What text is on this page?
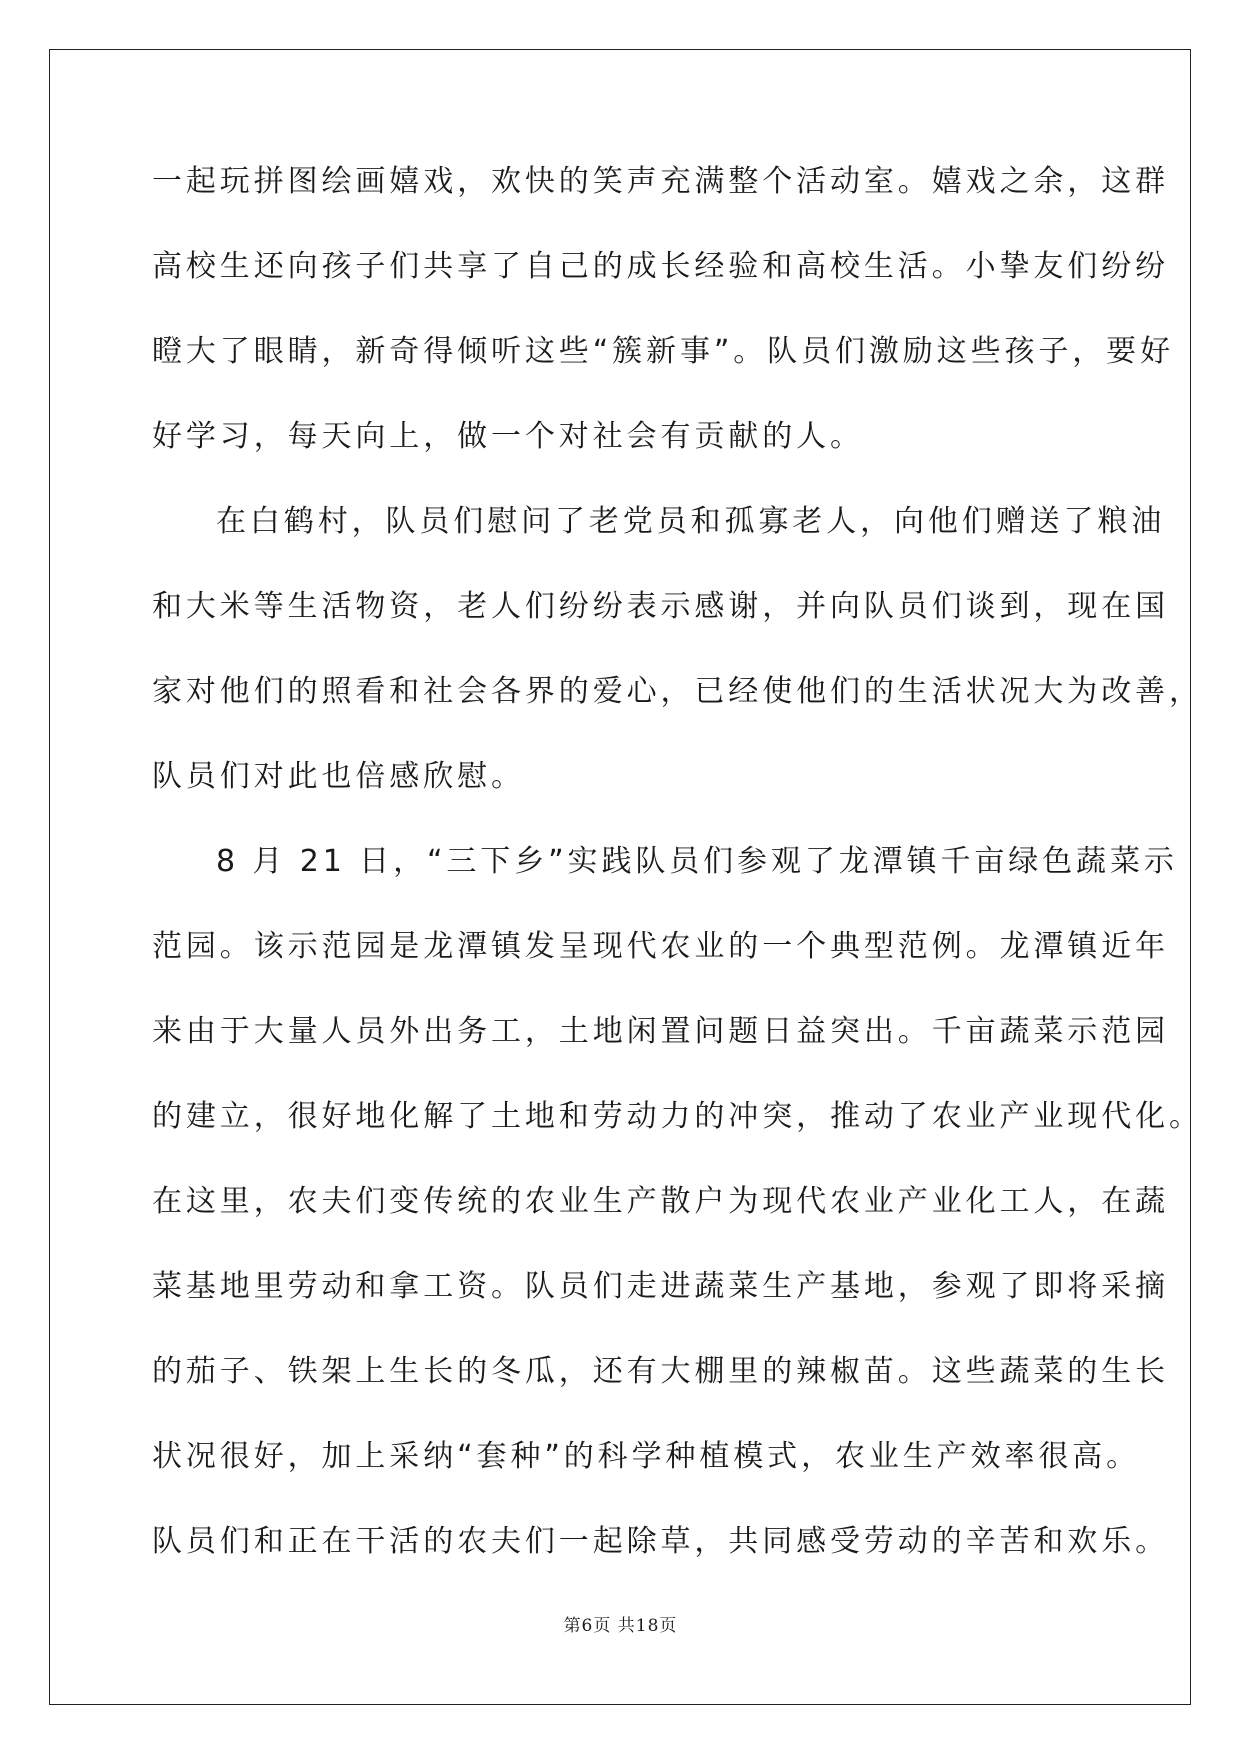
一起玩拼图绘画嬉戏，欢快的笑声充满整个活动室。嬉戏之余，这群
高校生还向孩子们共享了自己的成长经验和高校生活。小挚友们纷纷
瞪大了眼睛，新奇得倾听这些“簇新事”。队员们激励这些孩子，要好
好学习，每天向上，做一个对社会有贡献的人。
在白鹤村，队员们慰问了老党员和孤寡老人，向他们赠送了粮油
和大米等生活物资，老人们纷纷表示感谢，并向队员们谈到，现在国
家对他们的照看和社会各界的爱心，已经使他们的生活状况大为改善，
队员们对此也倍感欣慰。
8 月 21 日，“三下乡”实践队员们参观了龙潭镇千亩绿色蔬菜示
范园。该示范园是龙潭镇发呈现代农业的一个典型范例。龙潭镇近年
来由于大量人员外出务工，土地闲置问题日益突出。千亩蔬菜示范园
的建立，很好地化解了土地和劳动力的冲突，推动了农业产业现代化。
在这里，农夫们变传统的农业生产散户为现代农业产业化工人，在蔬
菜基地里劳动和拿工资。队员们走进蔬菜生产基地，参观了即将采摘
的茄子、铁架上生长的冬瓜，还有大棚里的辣椒苗。这些蔬菜的生长
状况很好，加上采纳“套种”的科学种植模式，农业生产效率很高。
队员们和正在干活的农夫们一起除草，共同感受劳动的辛苦和欢乐。
第6页 共18页
